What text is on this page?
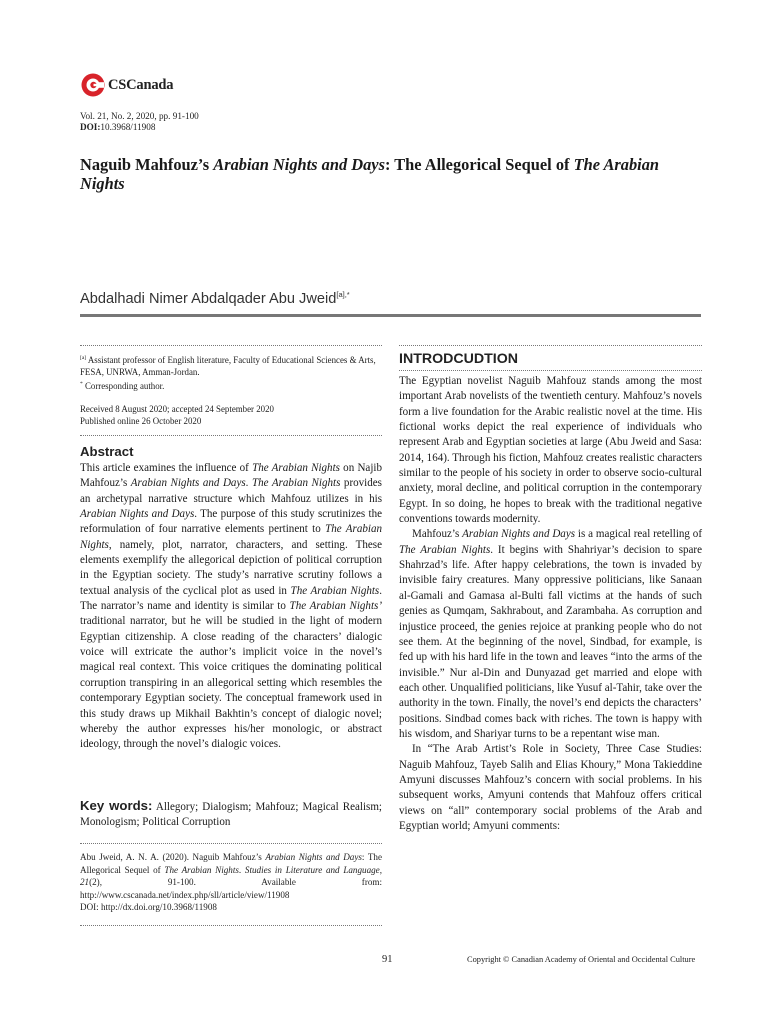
CSCanada
Vol. 21, No. 2, 2020, pp. 91-100
DOI:10.3968/11908
Naguib Mahfouz’s Arabian Nights and Days: The Allegorical Sequel of The Arabian Nights
Abdalhadi Nimer Abdalqader Abu Jweid$^{[a],*}$
[a] Assistant professor of English literature, Faculty of Educational Sciences & Arts, FESA, UNRWA, Amman-Jordan.
* Corresponding author.
Received 8 August 2020; accepted 24 September 2020
Published online 26 October 2020
Abstract
This article examines the influence of The Arabian Nights on Najib Mahfouz’s Arabian Nights and Days. The Arabian Nights provides an archetypal narrative structure which Mahfouz utilizes in his Arabian Nights and Days. The purpose of this study scrutinizes the reformulation of four narrative elements pertinent to The Arabian Nights, namely, plot, narrator, characters, and setting. These elements exemplify the allegorical depiction of political corruption in the Egyptian society. The study’s narrative scrutiny follows a textual analysis of the cyclical plot as used in The Arabian Nights. The narrator’s name and identity is similar to The Arabian Nights’ traditional narrator, but he will be studied in the light of modern Egyptian citizenship. A close reading of the characters’ dialogic voice will extricate the author’s implicit voice in the novel’s magical real context. This voice critiques the dominating political corruption transpiring in an allegorical setting which resembles the contemporary Egyptian society. The conceptual framework used in this study draws up Mikhail Bakhtin’s concept of dialogic novel; whereby the author expresses his/her monologic, or abstract ideology, through the novel’s dialogic voices.
Key words: Allegory; Dialogism; Mahfouz; Magical Realism; Monologism; Political Corruption
Abu Jweid, A. N. A. (2020). Naguib Mahfouz’s Arabian Nights and Days: The Allegorical Sequel of The Arabian Nights. Studies in Literature and Language, 21(2), 91-100. Available from: http://www.cscanada.net/index.php/sll/article/view/11908
DOI: http://dx.doi.org/10.3968/11908
INTRODCUDTION
The Egyptian novelist Naguib Mahfouz stands among the most important Arab novelists of the twentieth century. Mahfouz’s novels form a live foundation for the Arabic realistic novel at the time. His fictional works depict the real experience of individuals who represent Arab and Egyptian societies at large (Abu Jweid and Sasa: 2014, 164). Through his fiction, Mahfouz creates realistic characters similar to the people of his society in order to observe socio-cultural anxiety, moral decline, and political corruption in the contemporary Egypt. In so doing, he hopes to break with the traditional negative conventions towards modernity.
Mahfouz’s Arabian Nights and Days is a magical real retelling of The Arabian Nights. It begins with Shahriyar’s decision to spare Shahrzad’s life. After happy celebrations, the town is invaded by invisible fairy creatures. Many oppressive politicians, like Sanaan al-Gamali and Gamasa al-Bulti fall victims at the hands of such genies as Qumqam, Sakhrabout, and Zarambaha. As corruption and injustice proceed, the genies rejoice at pranking people who do not see them. At the beginning of the novel, Sindbad, for example, is fed up with his hard life in the town and leaves “into the arms of the invisible.” Nur al-Din and Dunyazad get married and elope with each other. Unqualified politicians, like Yusuf al-Tahir, take over the authority in the town. Finally, the novel’s end depicts the characters’ positions. Sindbad comes back with riches. The town is happy with his wisdom, and Shariyar turns to be a repentant wise man.
In “The Arab Artist’s Role in Society, Three Case Studies: Naguib Mahfouz, Tayeb Salih and Elias Khoury,” Mona Takieddine Amyuni discusses Mahfouz’s concern with social problems. In his subsequent works, Amyuni contends that Mahfouz offers critical views on “all” contemporary social problems of the Arab and Egyptian world; Amyuni comments:
91	Copyright © Canadian Academy of Oriental and Occidental Culture
